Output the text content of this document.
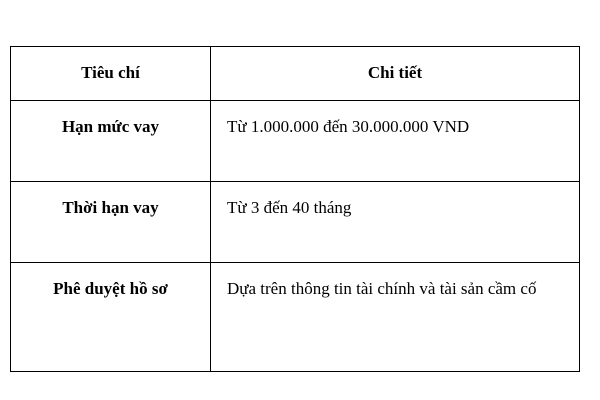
Tiêu chí	Chi tiết
Hạn mức vay	Từ 1.000.000 đến 30.000.000 VND
Thời hạn vay	Từ 3 đến 40 tháng
Phê duyệt hồ sơ	Dựa trên thông tin tài chính và tài sản cầm cố
